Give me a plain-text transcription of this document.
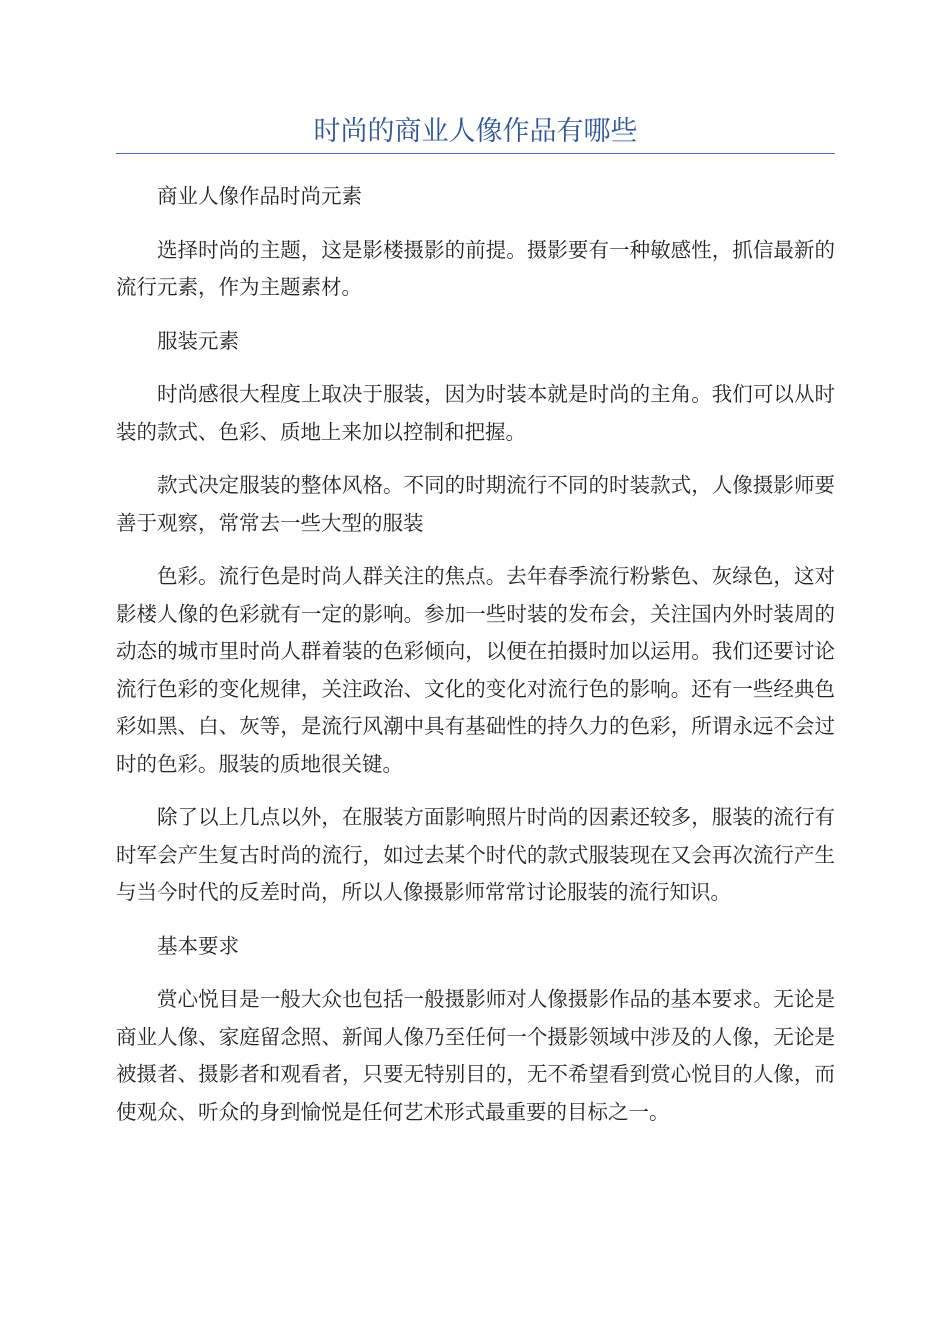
时尚的商业人像作品有哪些

商业人像作品时尚元素

选择时尚的主题，这是影楼摄影的前提。摄影要有一种敏感性，抓信最新的流行元素，作为主题素材。

服装元素

时尚感很大程度上取决于服装，因为时装本就是时尚的主角。我们可以从时装的款式、色彩、质地上来加以控制和把握。

款式决定服装的整体风格。不同的时期流行不同的时装款式，人像摄影师要善于观察，常常去一些大型的服装

色彩。流行色是时尚人群关注的焦点。去年春季流行粉紫色、灰绿色，这对影楼人像的色彩就有一定的影响。参加一些时装的发布会，关注国内外时装周的动态的城市里时尚人群着装的色彩倾向，以便在拍摄时加以运用。我们还要讨论流行色彩的变化规律，关注政治、文化的变化对流行色的影响。还有一些经典色彩如黑、白、灰等，是流行风潮中具有基础性的持久力的色彩，所谓永远不会过时的色彩。服装的质地很关键。

除了以上几点以外，在服装方面影响照片时尚的因素还较多，服装的流行有时军会产生复古时尚的流行，如过去某个时代的款式服装现在又会再次流行产生与当今时代的反差时尚，所以人像摄影师常常讨论服装的流行知识。

基本要求

赏心悦目是一般大众也包括一般摄影师对人像摄影作品的基本要求。无论是商业人像、家庭留念照、新闻人像乃至任何一个摄影领域中涉及的人像，无论是被摄者、摄影者和观看者，只要无特别目的，无不希望看到赏心悦目的人像，而使观众、听众的身到愉悦是任何艺术形式最重要的目标之一。
